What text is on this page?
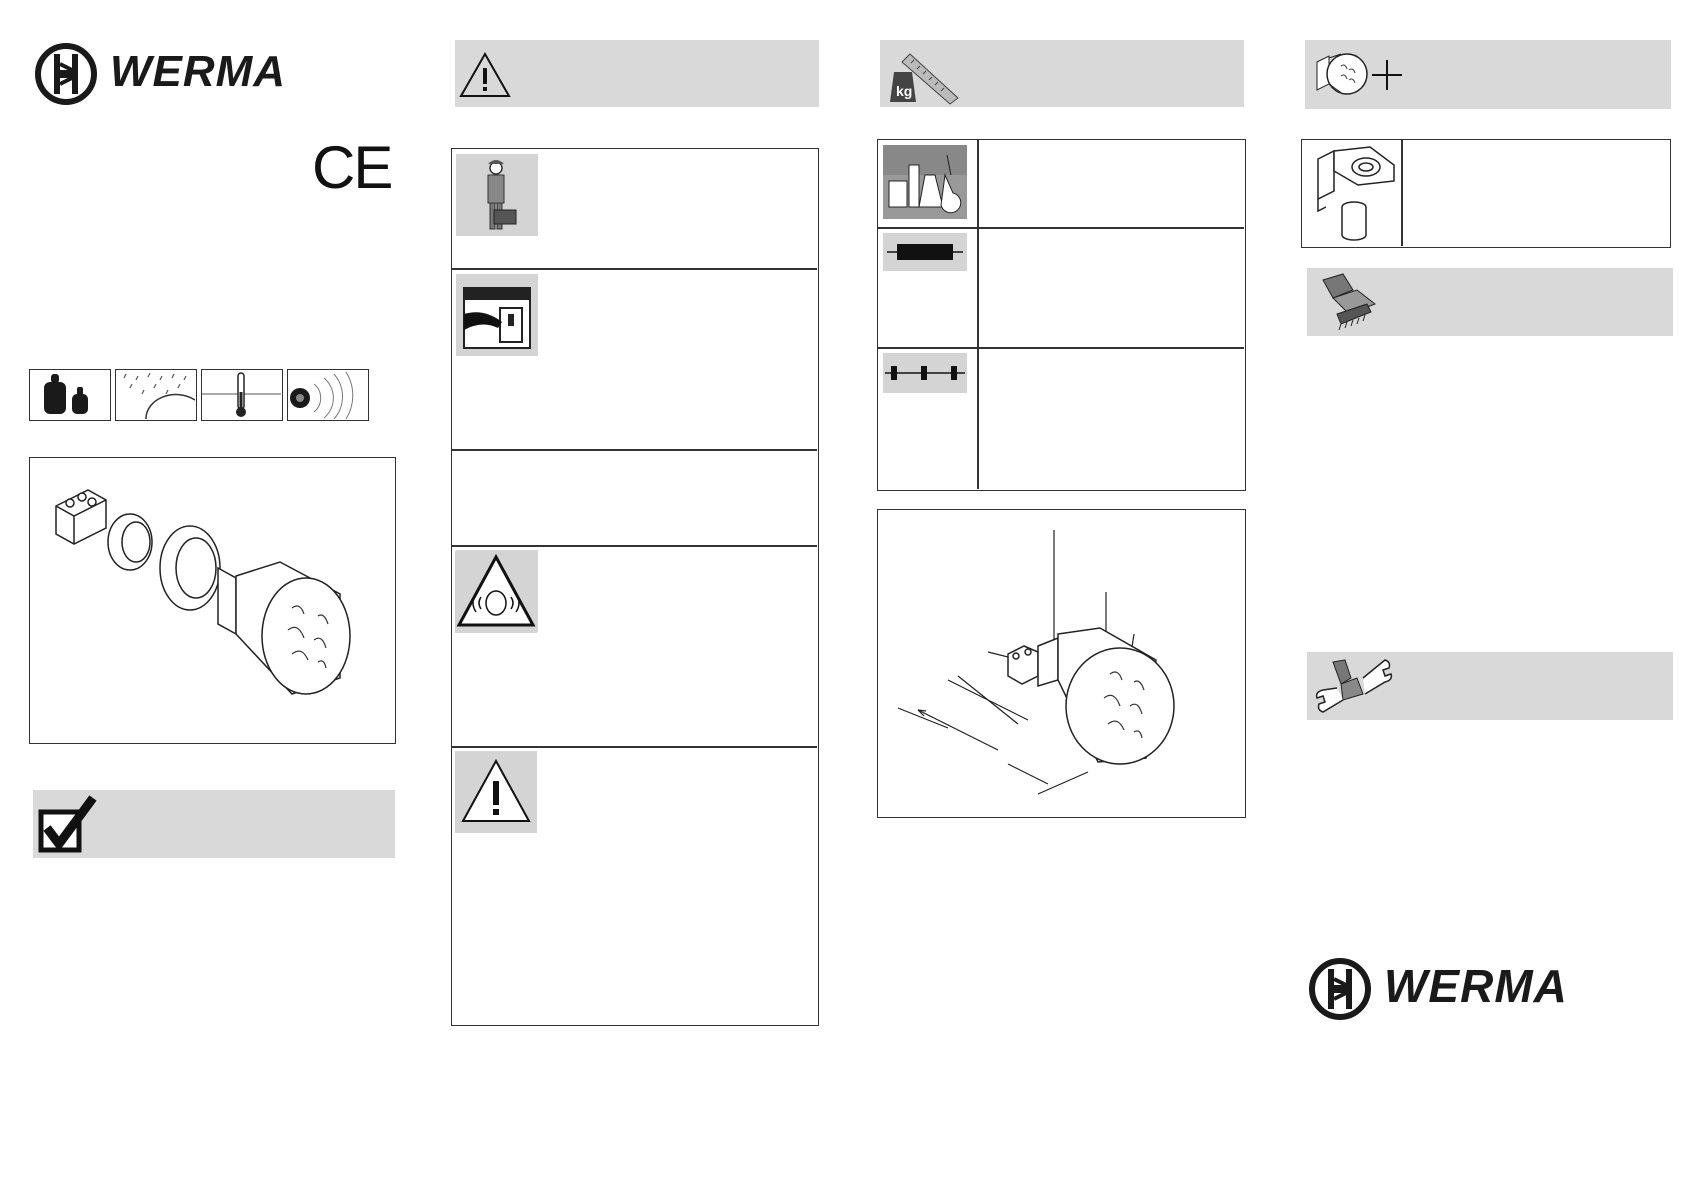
WERMA
CE
kg
WERMA
